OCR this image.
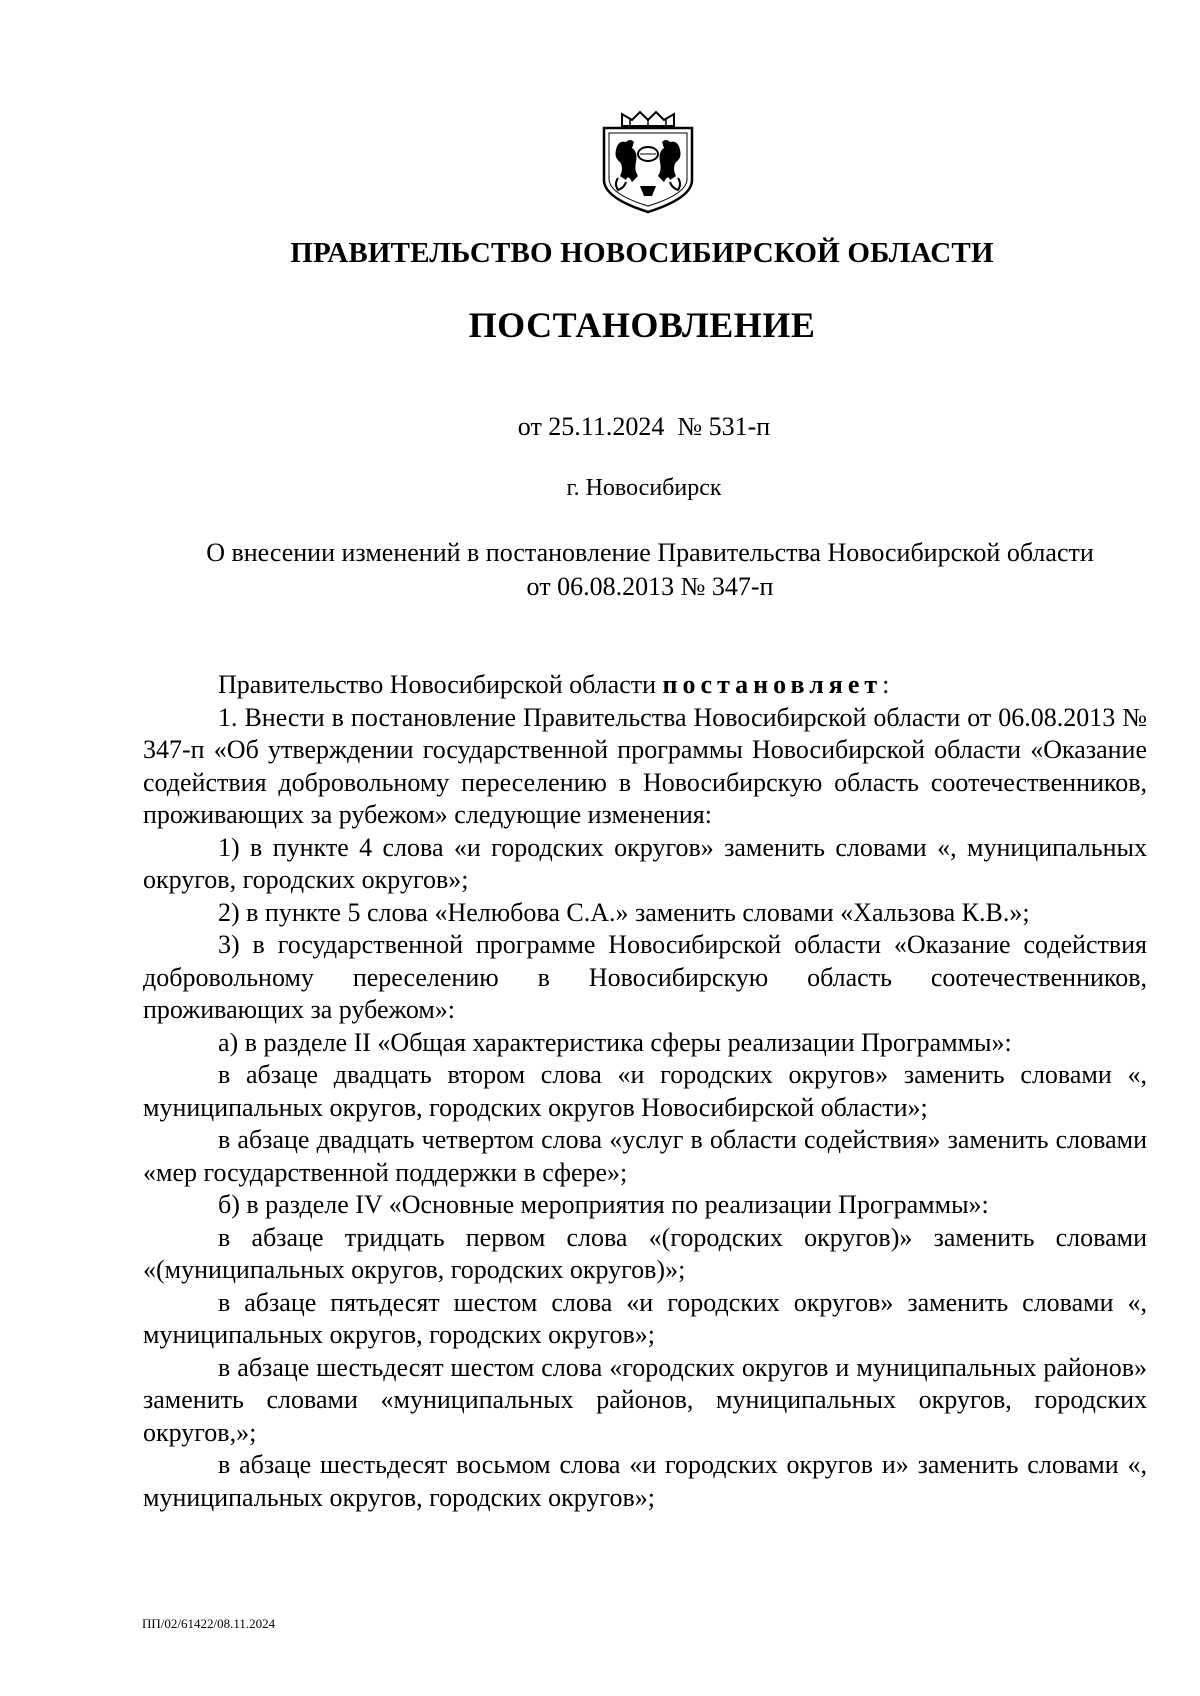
ПРАВИТЕЛЬСТВО НОВОСИБИРСКОЙ ОБЛАСТИ
ПОСТАНОВЛЕНИЕ
от 25.11.2024  № 531-п
г. Новосибирск
О внесении изменений в постановление Правительства Новосибирской области
от 06.08.2013 № 347-п

Правительство Новосибирской области постановляет:

1. Внести в постановление Правительства Новосибирской области от 06.08.2013 № 347-п «Об утверждении государственной программы Новосибирской области «Оказание содействия добровольному переселению в Новосибирскую область соотечественников, проживающих за рубежом» следующие изменения:

1) в пункте 4 слова «и городских округов» заменить словами «, муниципальных округов, городских округов»;

2) в пункте 5 слова «Нелюбова С.А.» заменить словами «Хальзова К.В.»;

3) в государственной программе Новосибирской области «Оказание содействия добровольному переселению в Новосибирскую область соотечественников, проживающих за рубежом»:

а) в разделе II «Общая характеристика сферы реализации Программы»:

в абзаце двадцать втором слова «и городских округов» заменить словами «, муниципальных округов, городских округов Новосибирской области»;

в абзаце двадцать четвертом слова «услуг в области содействия» заменить словами «мер государственной поддержки в сфере»;

б) в разделе IV «Основные мероприятия по реализации Программы»:

в абзаце тридцать первом слова «(городских округов)» заменить словами «(муниципальных округов, городских округов)»;

в абзаце пятьдесят шестом слова «и городских округов» заменить словами «, муниципальных округов, городских округов»;

в абзаце шестьдесят шестом слова «городских округов и муниципальных районов» заменить словами «муниципальных районов, муниципальных округов, городских округов,»;

в абзаце шестьдесят восьмом слова «и городских округов и» заменить словами «, муниципальных округов, городских округов»;

ПП/02/61422/08.11.2024
